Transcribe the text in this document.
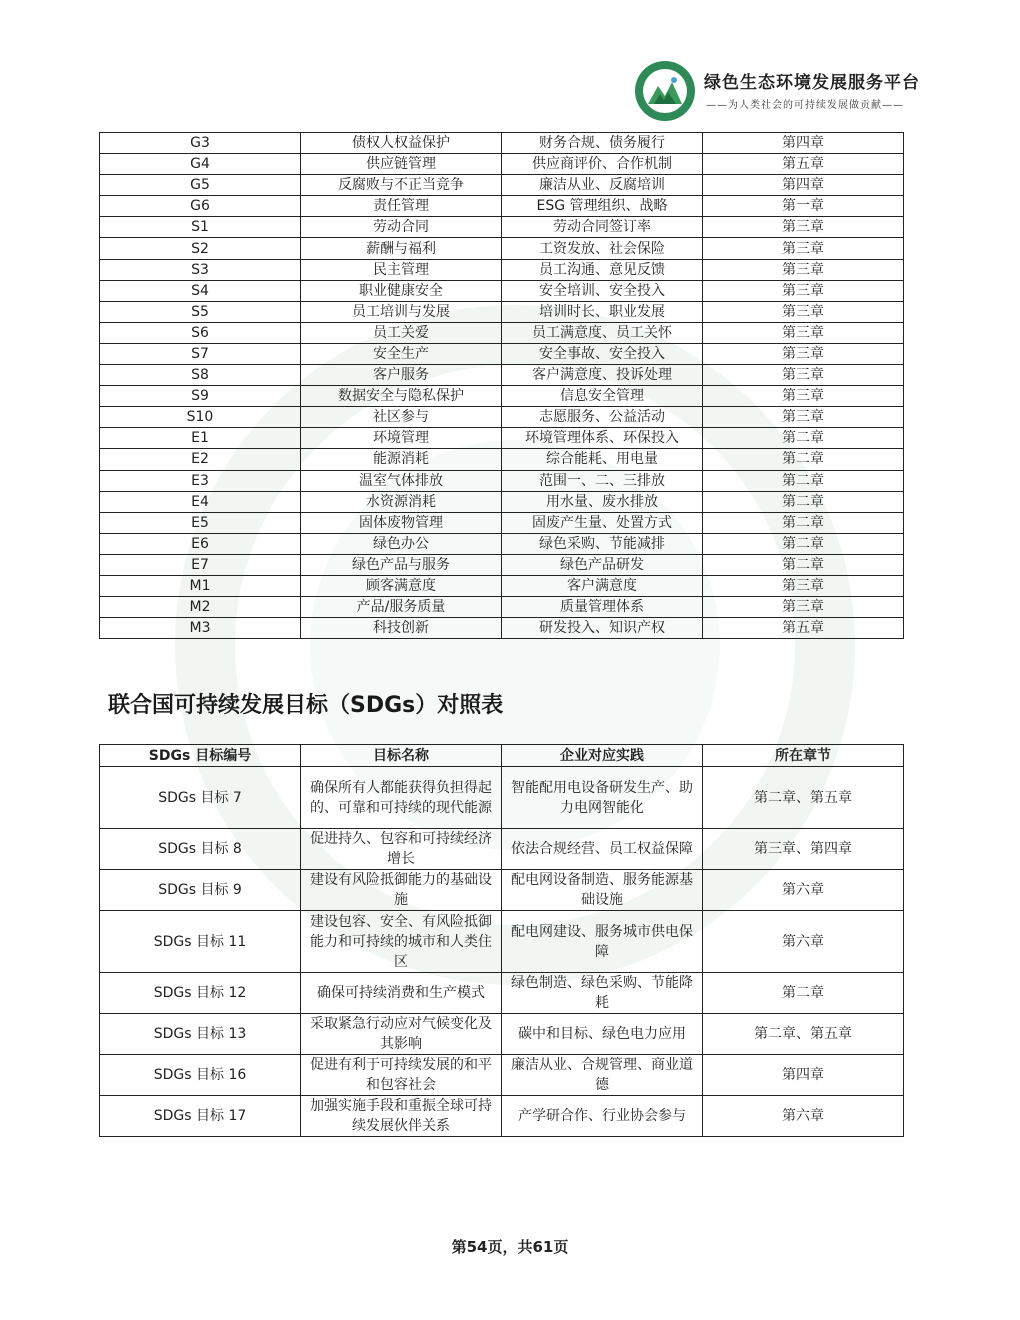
绿色生态环境发展服务平台
——为人类社会的可持续发展做贡献——
G3	债权人权益保护	财务合规、债务履行	第四章
G4	供应链管理	供应商评价、合作机制	第五章
G5	反腐败与不正当竞争	廉洁从业、反腐培训	第四章
G6	责任管理	ESG 管理组织、战略	第一章
S1	劳动合同	劳动合同签订率	第三章
S2	薪酬与福利	工资发放、社会保险	第三章
S3	民主管理	员工沟通、意见反馈	第三章
S4	职业健康安全	安全培训、安全投入	第三章
S5	员工培训与发展	培训时长、职业发展	第三章
S6	员工关爱	员工满意度、员工关怀	第三章
S7	安全生产	安全事故、安全投入	第三章
S8	客户服务	客户满意度、投诉处理	第三章
S9	数据安全与隐私保护	信息安全管理	第三章
S10	社区参与	志愿服务、公益活动	第三章
E1	环境管理	环境管理体系、环保投入	第二章
E2	能源消耗	综合能耗、用电量	第二章
E3	温室气体排放	范围一、二、三排放	第二章
E4	水资源消耗	用水量、废水排放	第二章
E5	固体废物管理	固废产生量、处置方式	第二章
E6	绿色办公	绿色采购、节能减排	第二章
E7	绿色产品与服务	绿色产品研发	第二章
M1	顾客满意度	客户满意度	第三章
M2	产品/服务质量	质量管理体系	第三章
M3	科技创新	研发投入、知识产权	第五章
联合国可持续发展目标（SDGs）对照表
SDGs 目标编号	目标名称	企业对应实践	所在章节
SDGs 目标 7	确保所有人都能获得负担得起的、可靠和可持续的现代能源	智能配用电设备研发生产、助力电网智能化	第二章、第五章
SDGs 目标 8	促进持久、包容和可持续经济增长	依法合规经营、员工权益保障	第三章、第四章
SDGs 目标 9	建设有风险抵御能力的基础设施	配电网设备制造、服务能源基础设施	第六章
SDGs 目标 11	建设包容、安全、有风险抵御能力和可持续的城市和人类住区	配电网建设、服务城市供电保障	第六章
SDGs 目标 12	确保可持续消费和生产模式	绿色制造、绿色采购、节能降耗	第二章
SDGs 目标 13	采取紧急行动应对气候变化及其影响	碳中和目标、绿色电力应用	第二章、第五章
SDGs 目标 16	促进有利于可持续发展的和平和包容社会	廉洁从业、合规管理、商业道德	第四章
SDGs 目标 17	加强实施手段和重振全球可持续发展伙伴关系	产学研合作、行业协会参与	第六章
第54页，共61页
